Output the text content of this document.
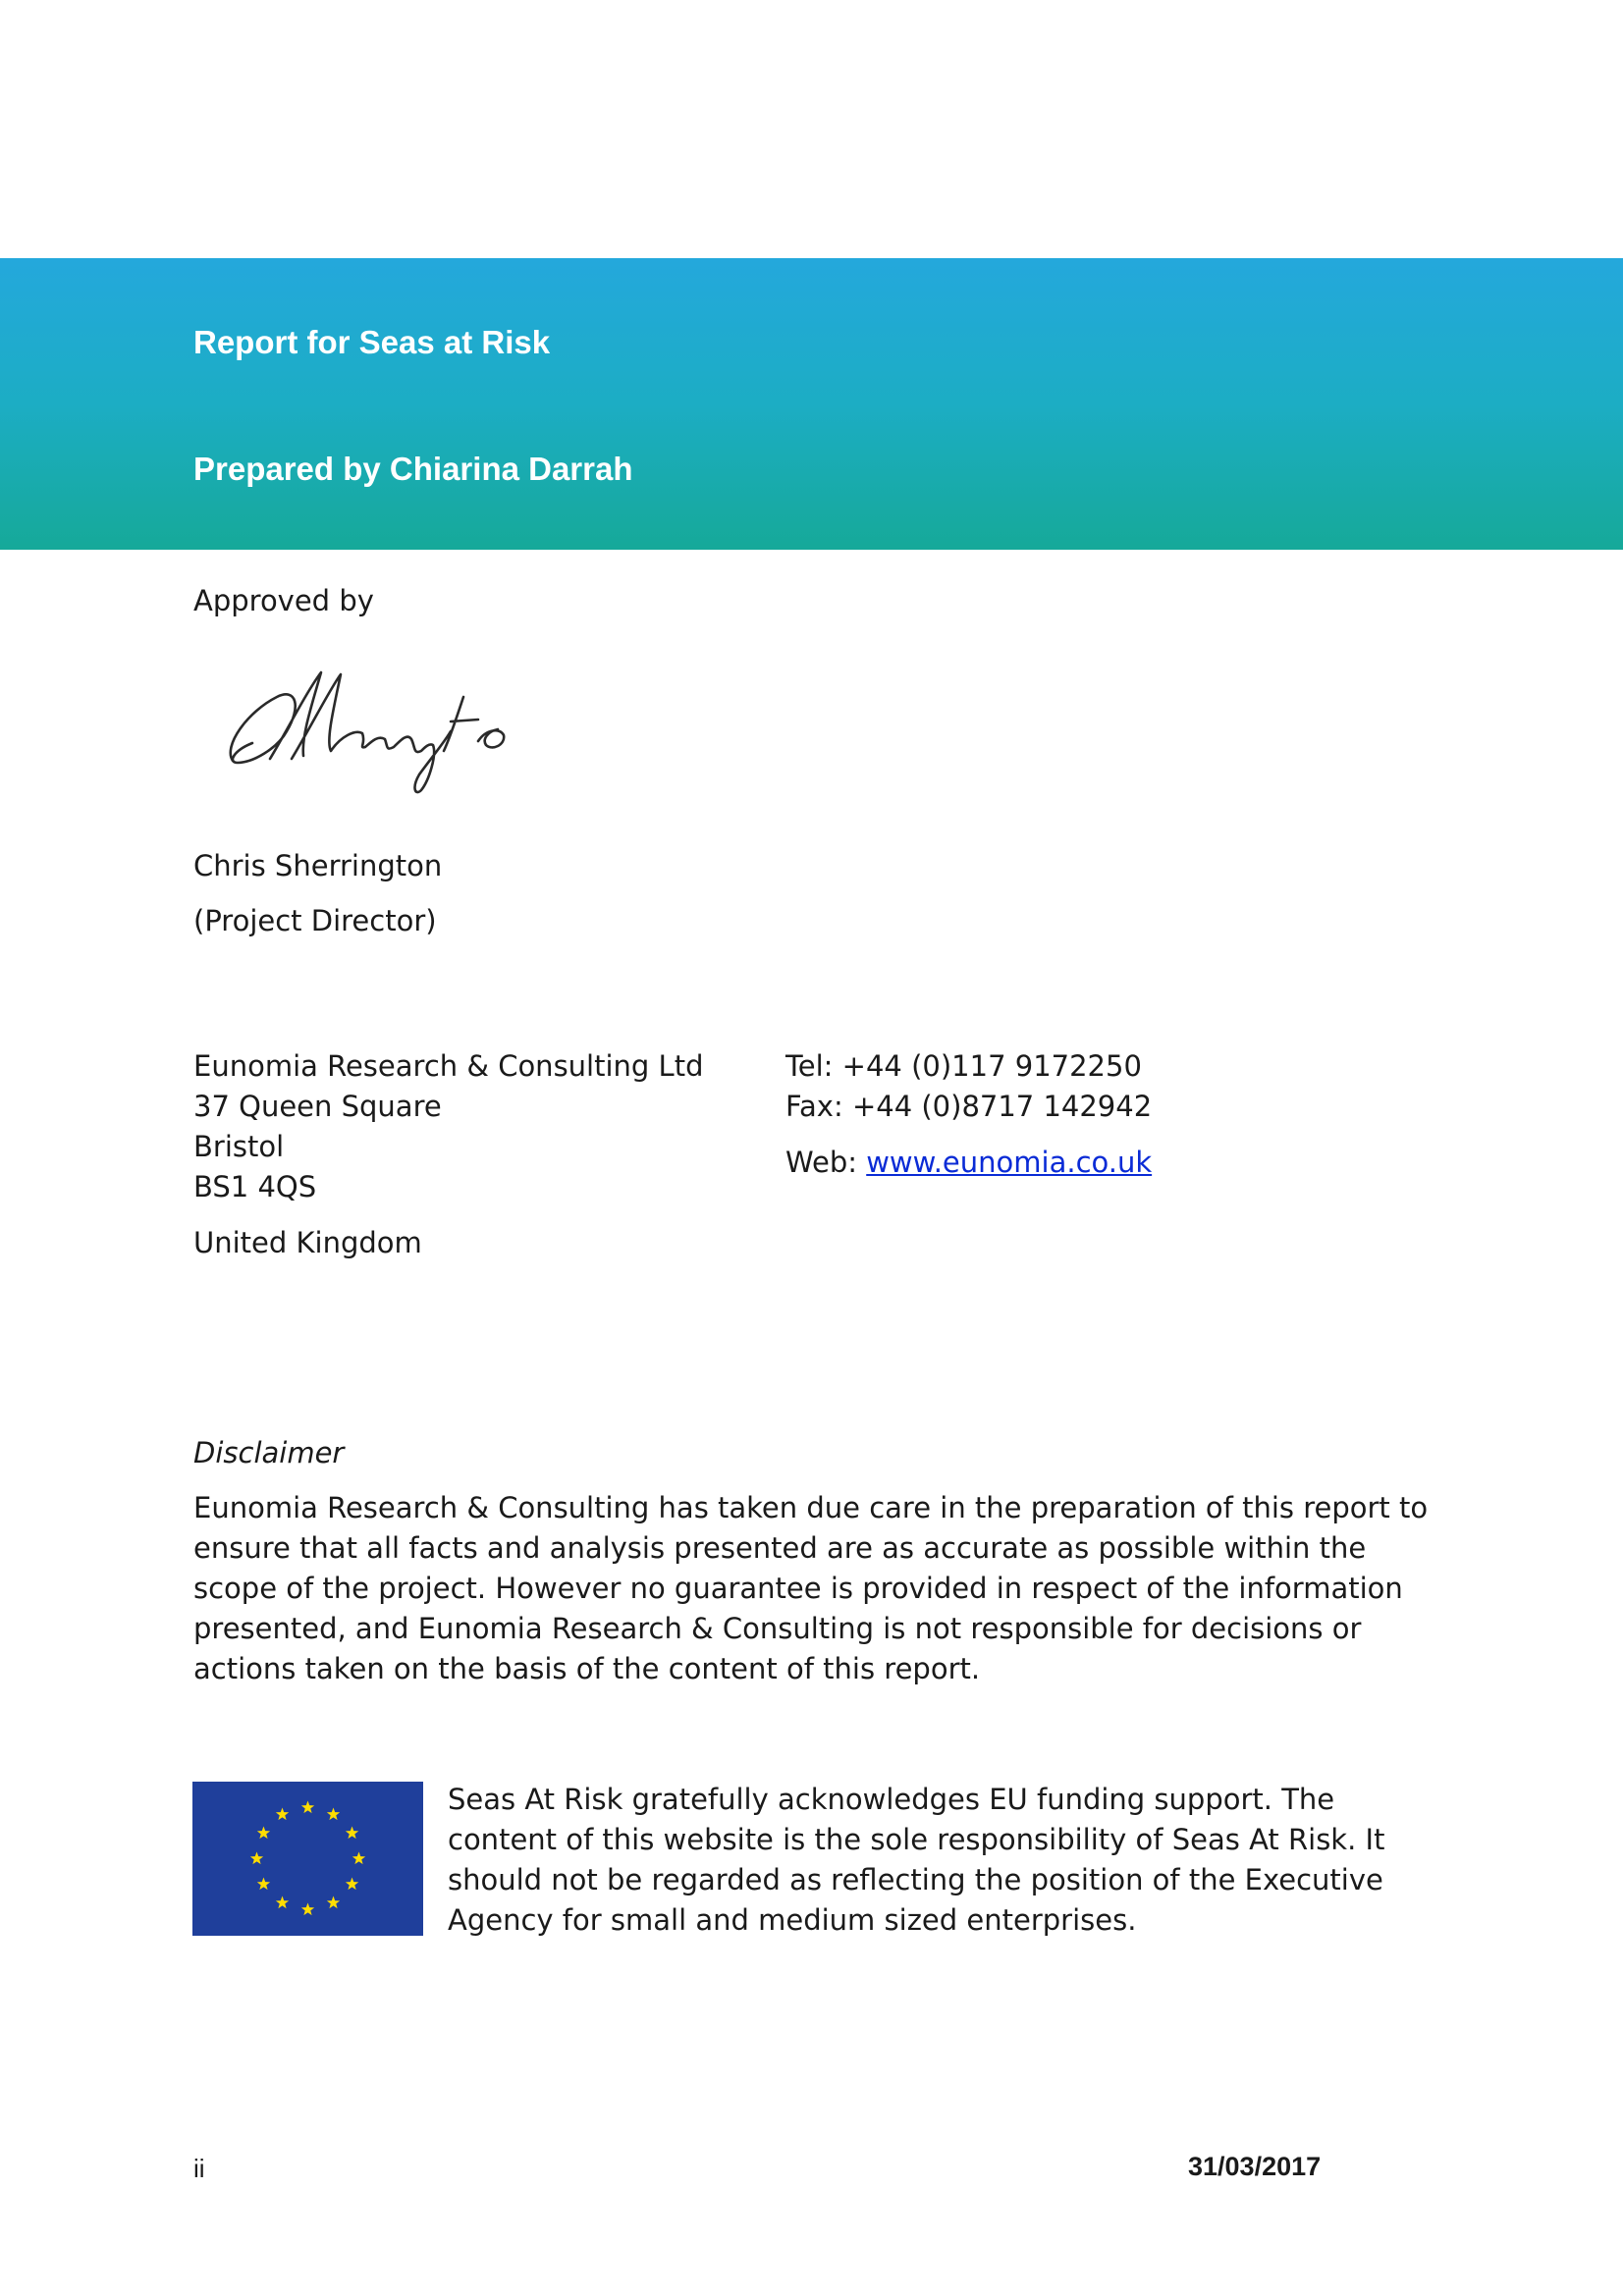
Report for Seas at Risk
Prepared by Chiarina Darrah
Approved by
Chris Sherrington
(Project Director)
Eunomia Research & Consulting Ltd
37 Queen Square
Bristol
BS1 4QS
United Kingdom
Tel: +44 (0)117 9172250
Fax: +44 (0)8717 142942
Web: www.eunomia.co.uk
Disclaimer
Eunomia Research & Consulting has taken due care in the preparation of this report to
ensure that all facts and analysis presented are as accurate as possible within the
scope of the project. However no guarantee is provided in respect of the information
presented, and Eunomia Research & Consulting is not responsible for decisions or
actions taken on the basis of the content of this report.
Seas At Risk gratefully acknowledges EU funding support. The
content of this website is the sole responsibility of Seas At Risk. It
should not be regarded as reflecting the position of the Executive
Agency for small and medium sized enterprises.
ii	31/03/2017
